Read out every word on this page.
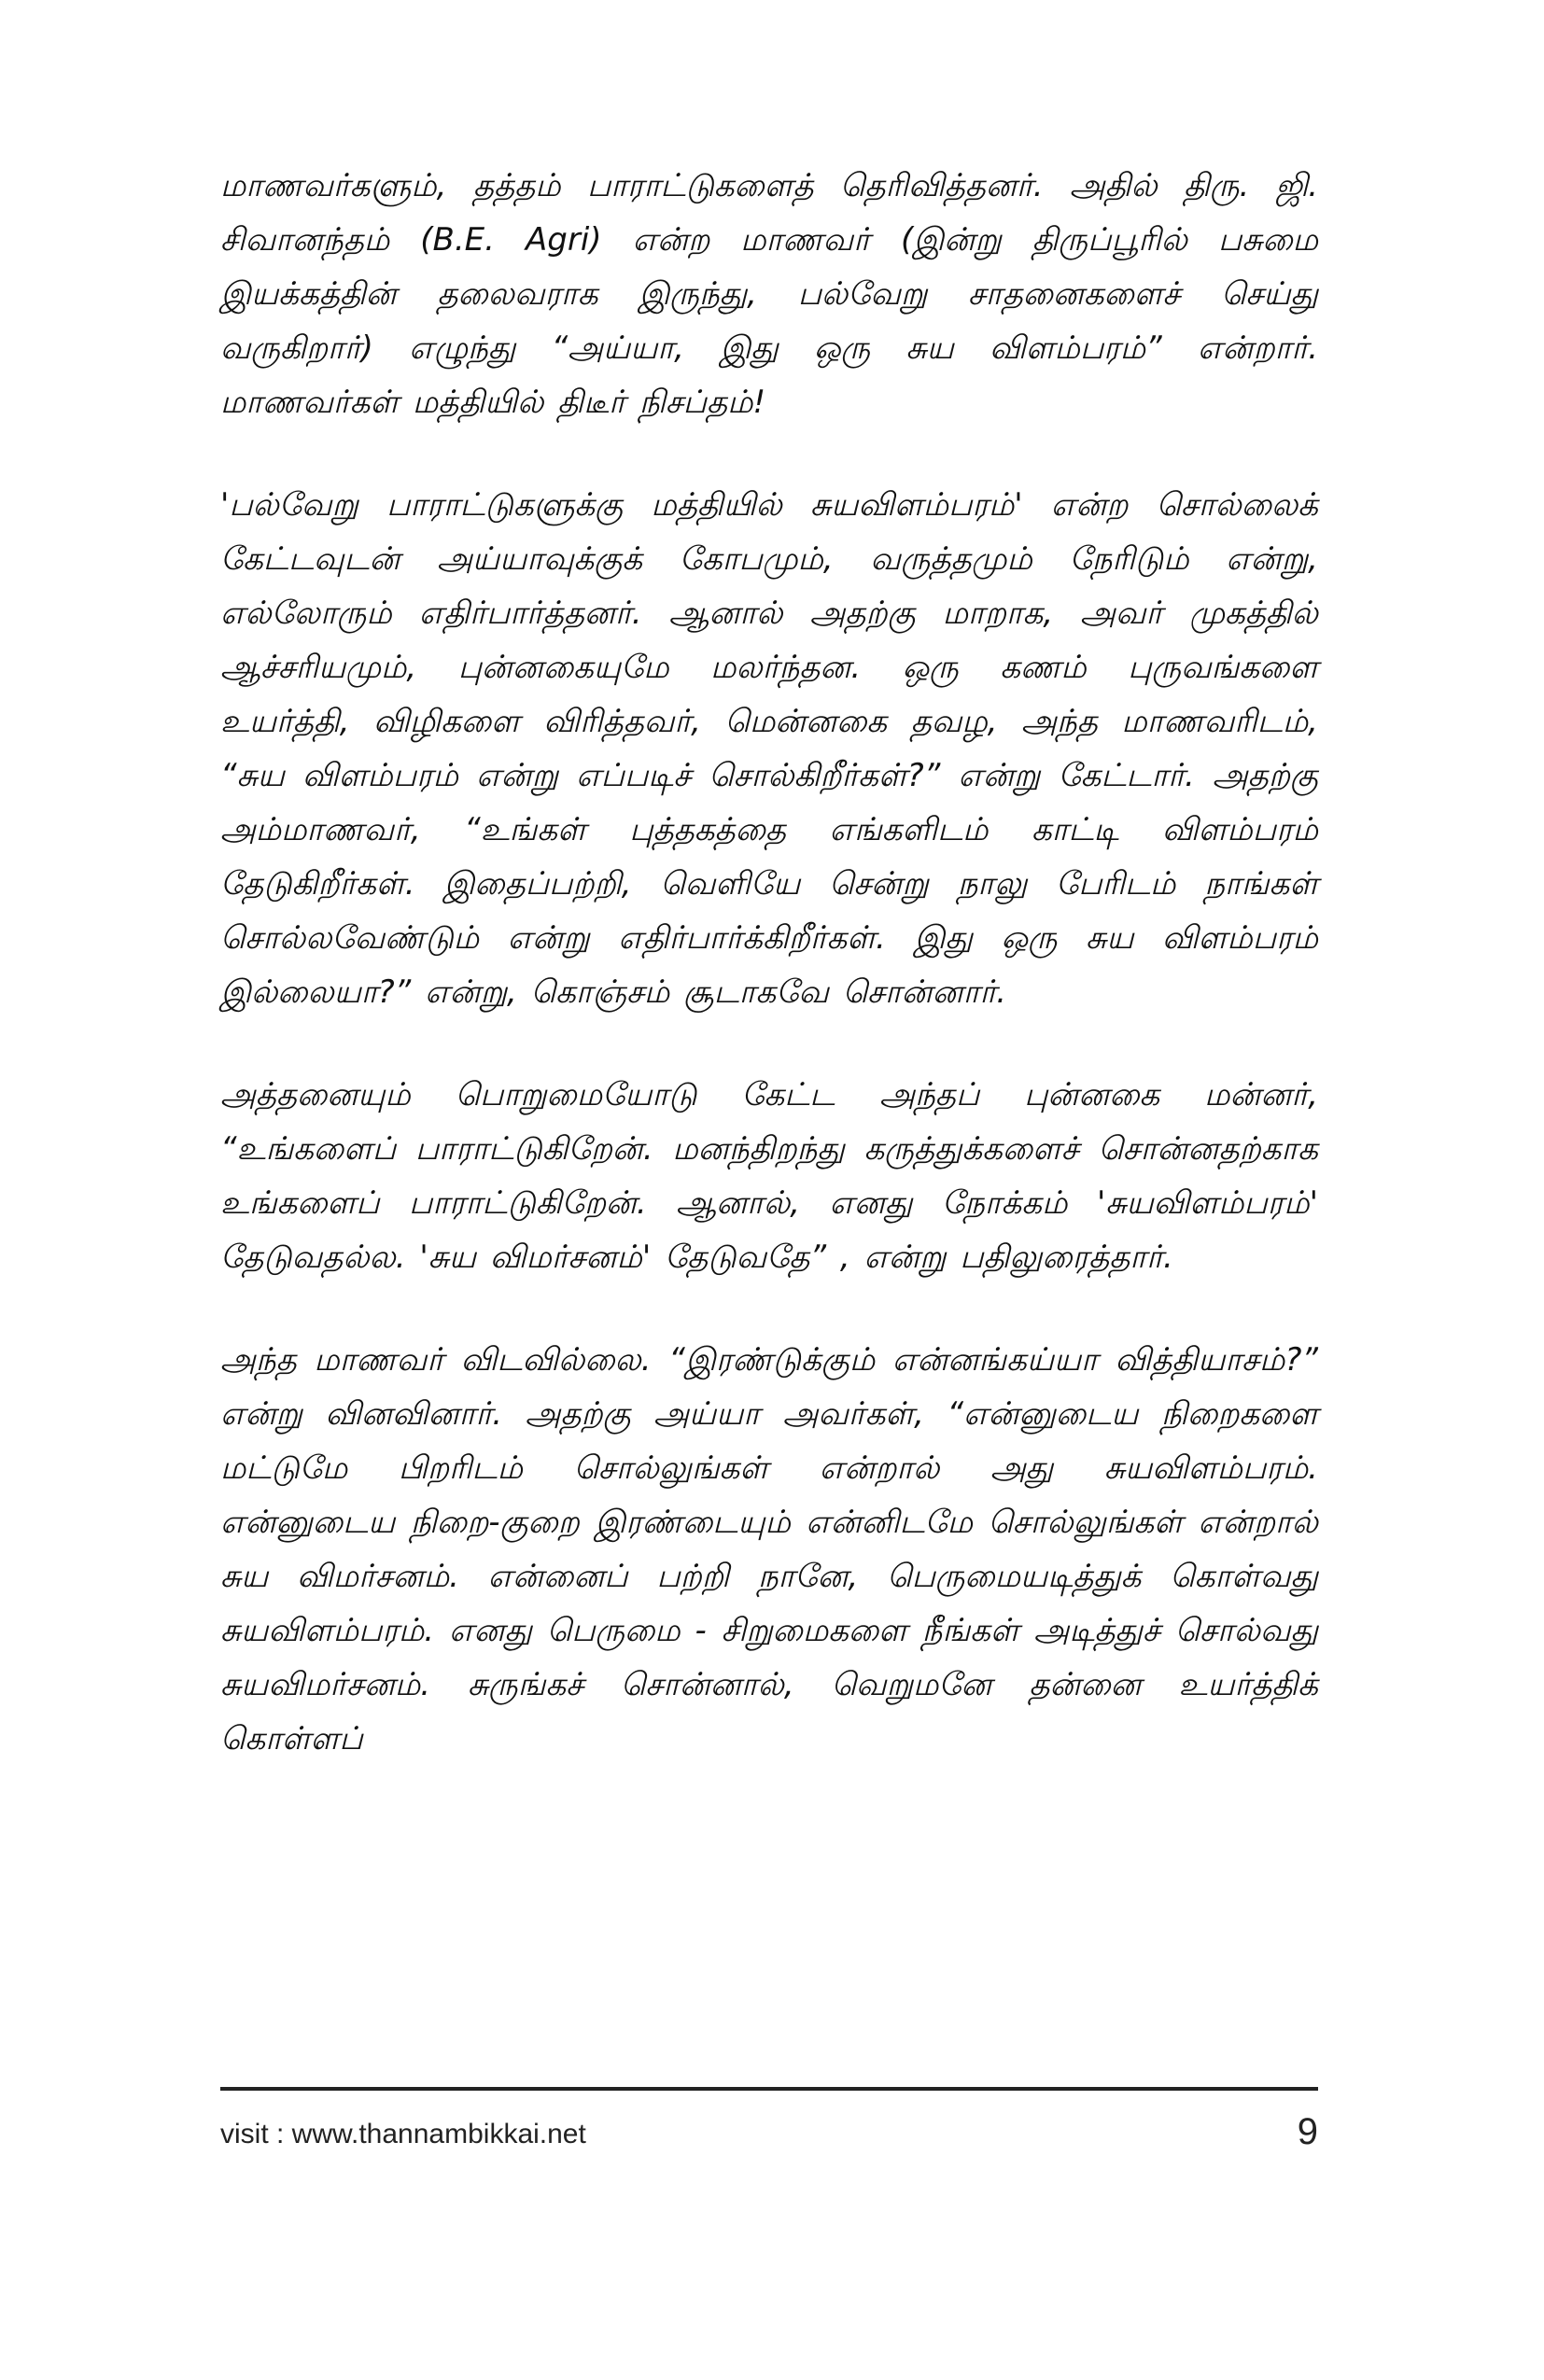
மாணவர்களும், தத்தம் பாராட்டுகளைத் தெரிவித்தனர். அதில் திரு. ஜி. சிவானந்தம் (B.E. Agri) என்ற மாணவர் (இன்று திருப்பூரில் பசுமை இயக்கத்தின் தலைவராக இருந்து, பல்வேறு சாதனைகளைச் செய்து வருகிறார்) எழுந்து “அய்யா, இது ஒரு சுய விளம்பரம்” என்றார். மாணவர்கள் மத்தியில் திடீர் நிசப்தம்!

'பல்வேறு பாராட்டுகளுக்கு மத்தியில் சுயவிளம்பரம்' என்ற சொல்லைக் கேட்டவுடன் அய்யாவுக்குக் கோபமும், வருத்தமும் நேரிடும் என்று, எல்லோரும் எதிர்பார்த்தனர். ஆனால் அதற்கு மாறாக, அவர் முகத்தில் ஆச்சரியமும், புன்னகையுமே மலர்ந்தன. ஒரு கணம் புருவங்களை உயர்த்தி, விழிகளை விரித்தவர், மென்னகை தவழ, அந்த மாணவரிடம், “சுய விளம்பரம் என்று எப்படிச் சொல்கிறீர்கள்?” என்று கேட்டார். அதற்கு அம்மாணவர், “உங்கள் புத்தகத்தை எங்களிடம் காட்டி விளம்பரம் தேடுகிறீர்கள். இதைப்பற்றி, வெளியே சென்று நாலு பேரிடம் நாங்கள் சொல்லவேண்டும் என்று எதிர்பார்க்கிறீர்கள். இது ஒரு சுய விளம்பரம் இல்லையா?” என்று, கொஞ்சம் சூடாகவே சொன்னார்.

அத்தனையும் பொறுமையோடு கேட்ட அந்தப் புன்னகை மன்னர், “உங்களைப் பாராட்டுகிறேன். மனந்திறந்து கருத்துக்களைச் சொன்னதற்காக உங்களைப் பாராட்டுகிறேன். ஆனால், எனது நோக்கம் 'சுயவிளம்பரம்' தேடுவதல்ல. 'சுய விமர்சனம்' தேடுவதே” , என்று பதிலுரைத்தார்.

அந்த மாணவர் விடவில்லை. “இரண்டுக்கும் என்னங்கய்யா வித்தியாசம்?” என்று வினவினார். அதற்கு அய்யா அவர்கள், “என்னுடைய நிறைகளை மட்டுமே பிறரிடம் சொல்லுங்கள் என்றால் அது சுயவிளம்பரம். என்னுடைய நிறை-குறை இரண்டையும் என்னிடமே சொல்லுங்கள் என்றால் சுய விமர்சனம். என்னைப் பற்றி நானே, பெருமையடித்துக் கொள்வது சுயவிளம்பரம். எனது பெருமை - சிறுமைகளை நீங்கள் அடித்துச் சொல்வது சுயவிமர்சனம். சுருங்கச் சொன்னால், வெறுமனே தன்னை உயர்த்திக் கொள்ளப்

visit : www.thannambikkai.net	9
